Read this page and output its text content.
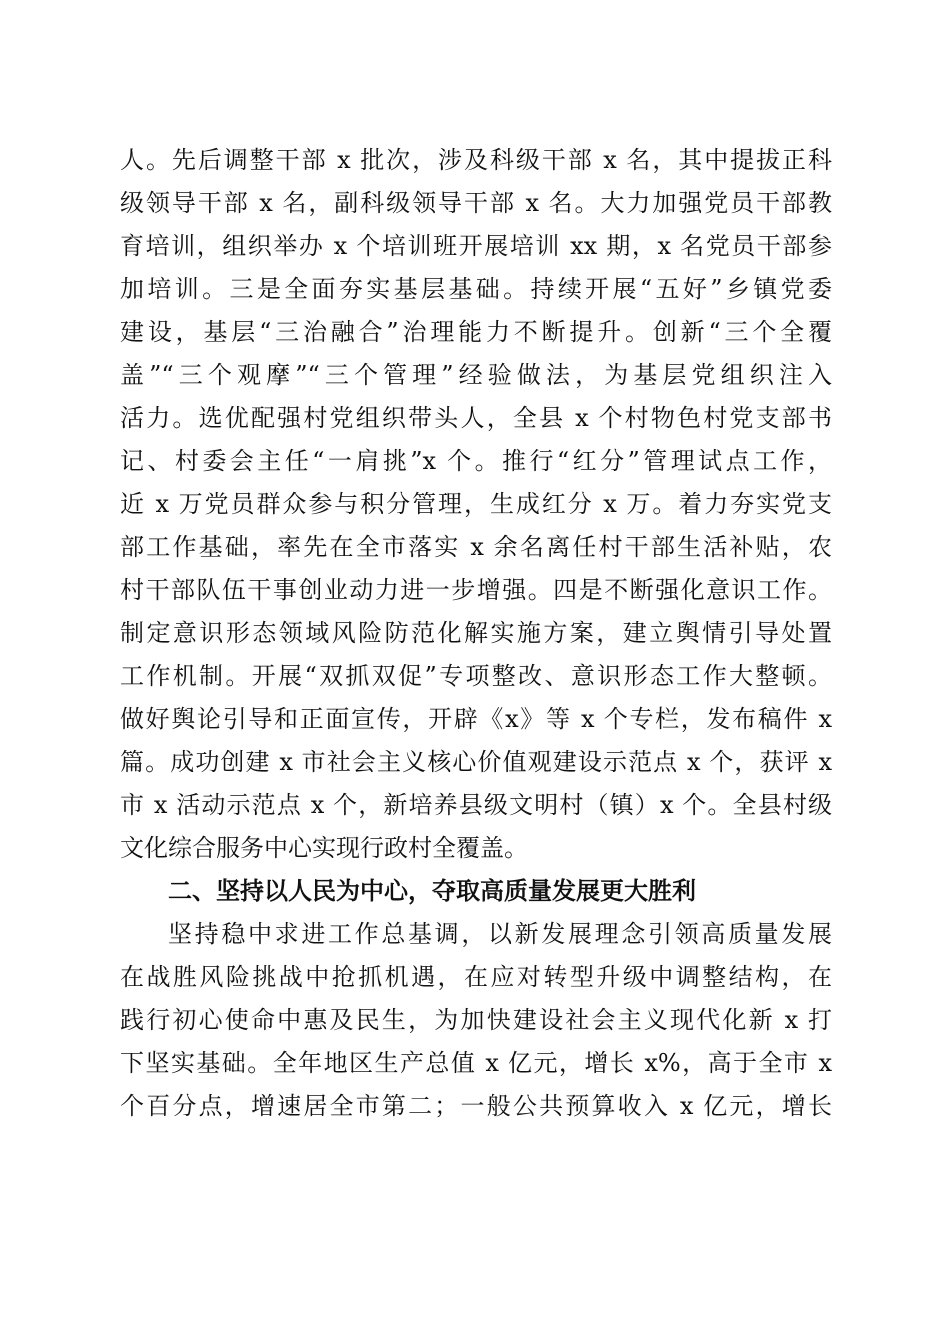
人。先后调整干部 x 批次，涉及科级干部 x 名，其中提拔正科
级领导干部 x 名，副科级领导干部 x 名。大力加强党员干部教
育培训，组织举办 x 个培训班开展培训 xx 期，x 名党员干部参
加培训。三是全面夯实基层基础。持续开展“五好”乡镇党委
建设，基层“三治融合”治理能力不断提升。创新“三个全覆
盖”“三个观摩”“三个管理”经验做法，为基层党组织注入
活力。选优配强村党组织带头人，全县 x 个村物色村党支部书
记、村委会主任“一肩挑”x 个。推行“红分”管理试点工作，
近 x 万党员群众参与积分管理，生成红分 x 万。着力夯实党支
部工作基础，率先在全市落实 x 余名离任村干部生活补贴，农
村干部队伍干事创业动力进一步增强。四是不断强化意识工作。
制定意识形态领域风险防范化解实施方案，建立舆情引导处置
工作机制。开展“双抓双促”专项整改、意识形态工作大整顿。
做好舆论引导和正面宣传，开辟《x》等 x 个专栏，发布稿件 x
篇。成功创建 x 市社会主义核心价值观建设示范点 x 个，获评 x
市 x 活动示范点 x 个，新培养县级文明村（镇）x 个。全县村级
文化综合服务中心实现行政村全覆盖。
二、坚持以人民为中心，夺取高质量发展更大胜利
坚持稳中求进工作总基调，以新发展理念引领高质量发展
在战胜风险挑战中抢抓机遇，在应对转型升级中调整结构，在
践行初心使命中惠及民生，为加快建设社会主义现代化新 x 打
下坚实基础。全年地区生产总值 x 亿元，增长 x%，高于全市 x
个百分点，增速居全市第二；一般公共预算收入 x 亿元，增长
